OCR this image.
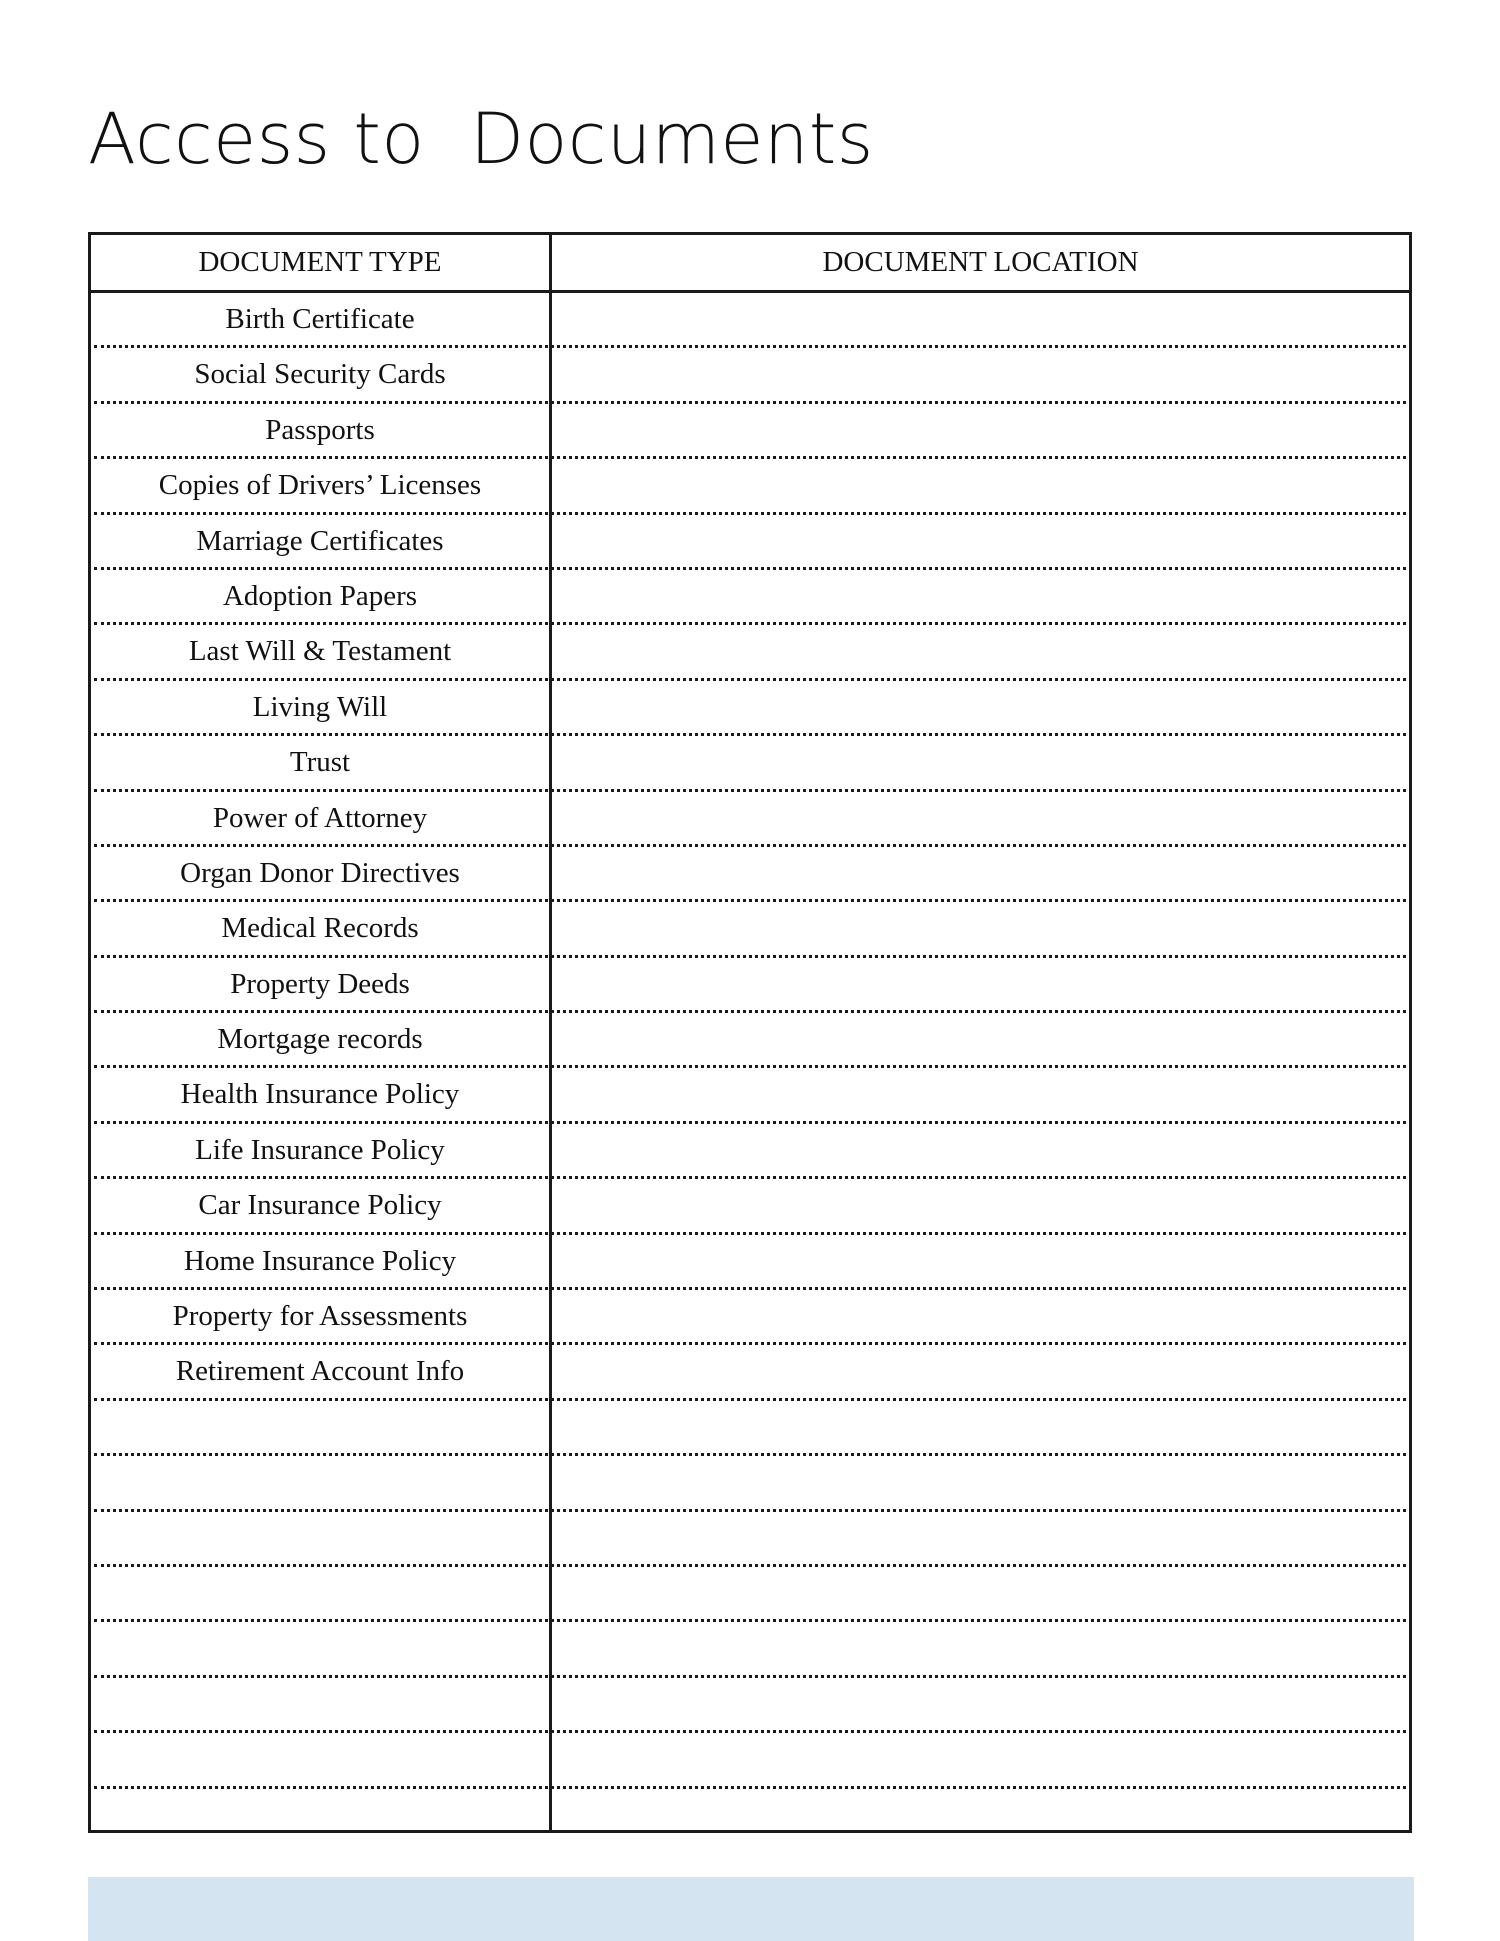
Access to  Documents
DOCUMENT TYPE	DOCUMENT LOCATION
Birth Certificate
Social Security Cards
Passports
Copies of Drivers’ Licenses
Marriage Certificates
Adoption Papers
Last Will & Testament
Living Will
Trust
Power of Attorney
Organ Donor Directives
Medical Records
Property Deeds
Mortgage records
Health Insurance Policy
Life Insurance Policy
Car Insurance Policy
Home Insurance Policy
Property for Assessments
Retirement Account Info
